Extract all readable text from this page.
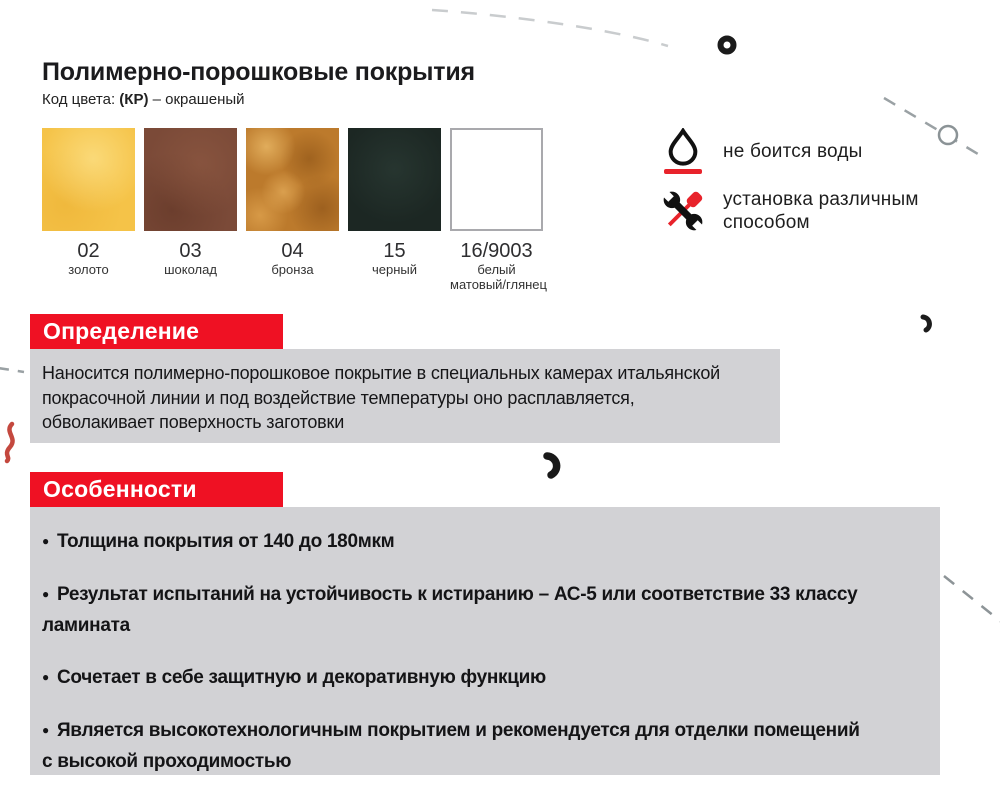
Полимерно-порошковые покрытия

Код цвета: (КР) – окрашеный

02
золото
03
шоколад
04
бронза
15
черный
16/9003
белый
матовый/глянец
не боится воды
установка различным
способом
Определение

Наносится полимерно-порошковое покрытие в специальных камерах итальянской покрасочной линии и под воздействие температуры оно расплавляется, обволакивает поверхность заготовки

Особенности

● Толщина покрытия от 140 до 180мкм

● Результат испытаний на устойчивость к истиранию – АС-5 или соответствие 33 классу ламината

● Сочетает в себе защитную и декоративную функцию

● Является высокотехнологичным покрытием и рекомендуется для отделки помещений с высокой проходимостью
